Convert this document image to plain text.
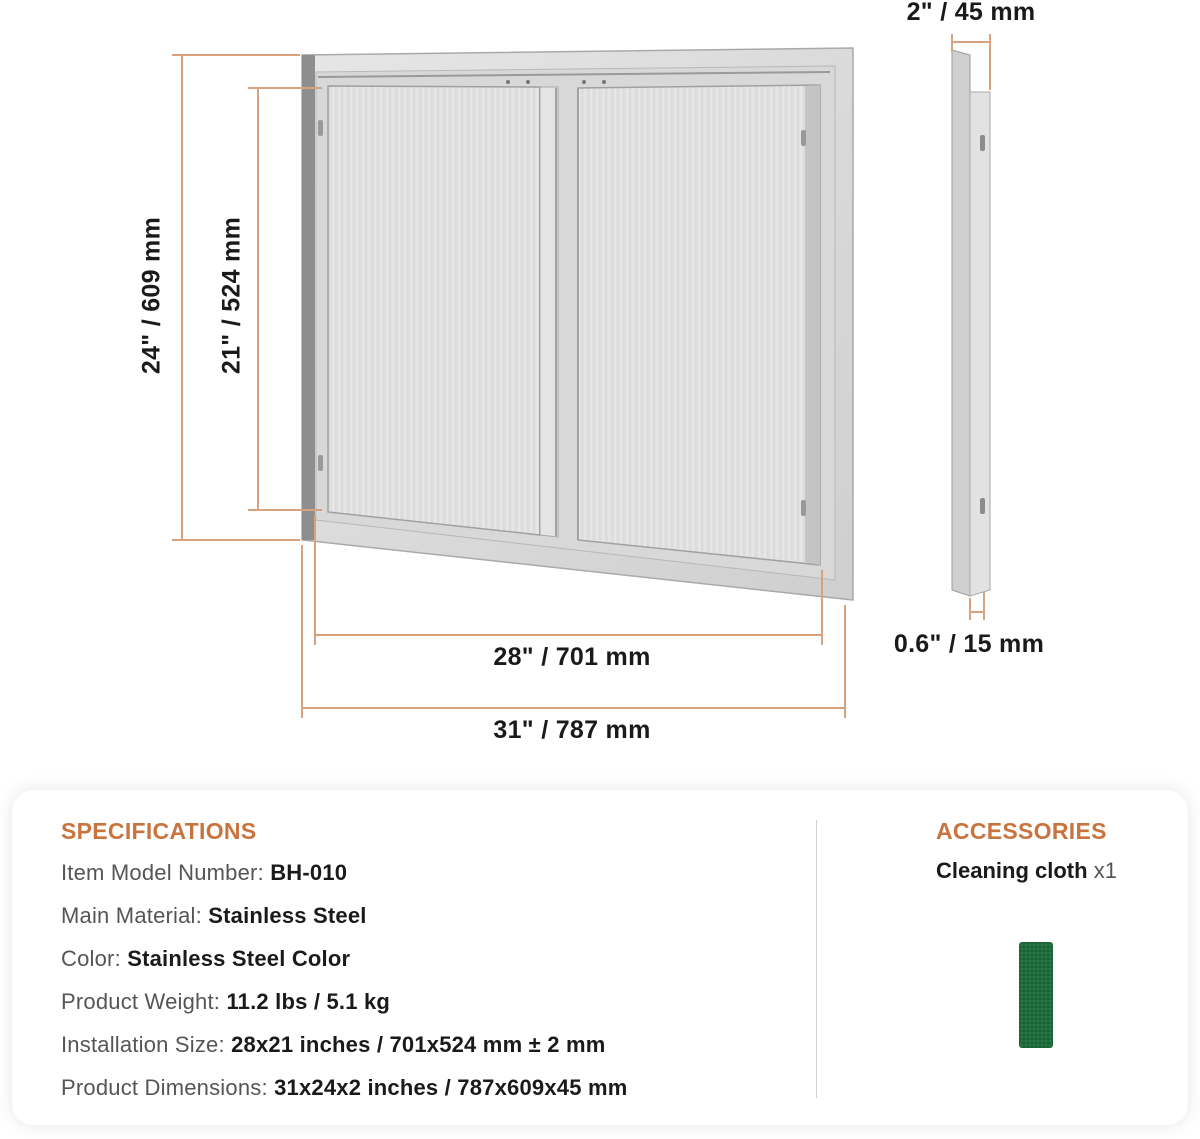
24" / 609 mm 21" / 524 mm
28" / 701 mm
31" / 787 mm
2" / 45 mm
0.6" / 15 mm
SPECIFICATIONS
Item Model Number: BH-010
Main Material: Stainless Steel
Color: Stainless Steel Color
Product Weight: 11.2 lbs / 5.1 kg
Installation Size: 28x21 inches / 701x524 mm ± 2 mm
Product Dimensions: 31x24x2 inches / 787x609x45 mm
ACCESSORIES
Cleaning cloth x1
